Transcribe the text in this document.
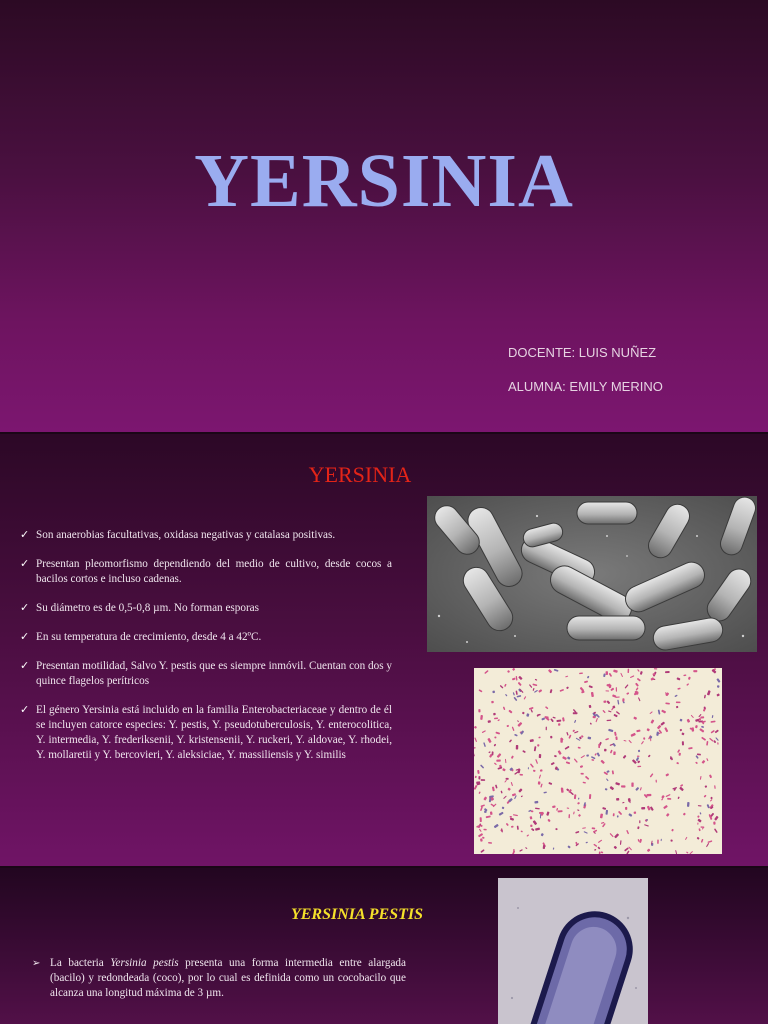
YERSINIA
DOCENTE: LUIS NUÑEZ
ALUMNA: EMILY MERINO
YERSINIA
✓ Son anaerobias facultativas, oxidasa negativas y catalasa positivas.
✓ Presentan pleomorfismo dependiendo del medio de cultivo, desde cocos a bacilos cortos e incluso cadenas.
✓ Su diámetro es de 0,5-0,8 µm. No forman esporas
✓ En su temperatura de crecimiento, desde 4 a 42ºC.
✓ Presentan motilidad, Salvo Y. pestis que es siempre inmóvil. Cuentan con dos y quince flagelos perítricos
✓ El género Yersinia está incluido en la familia Enterobacteriaceae y dentro de él se incluyen catorce especies: Y. pestis, Y. pseudotuberculosis, Y. enterocolitica, Y. intermedia, Y. frederiksenii, Y. kristensenii, Y. ruckeri, Y. aldovae, Y. rhodei, Y. mollaretii y Y. bercovieri, Y. aleksiciae, Y. massiliensis y Y. similis
YERSINIA PESTIS
➢ La bacteria Yersinia pestis presenta una forma intermedia entre alargada (bacilo) y redondeada (coco), por lo cual es definida como un cocobacilo que alcanza una longitud máxima de 3 µm.
